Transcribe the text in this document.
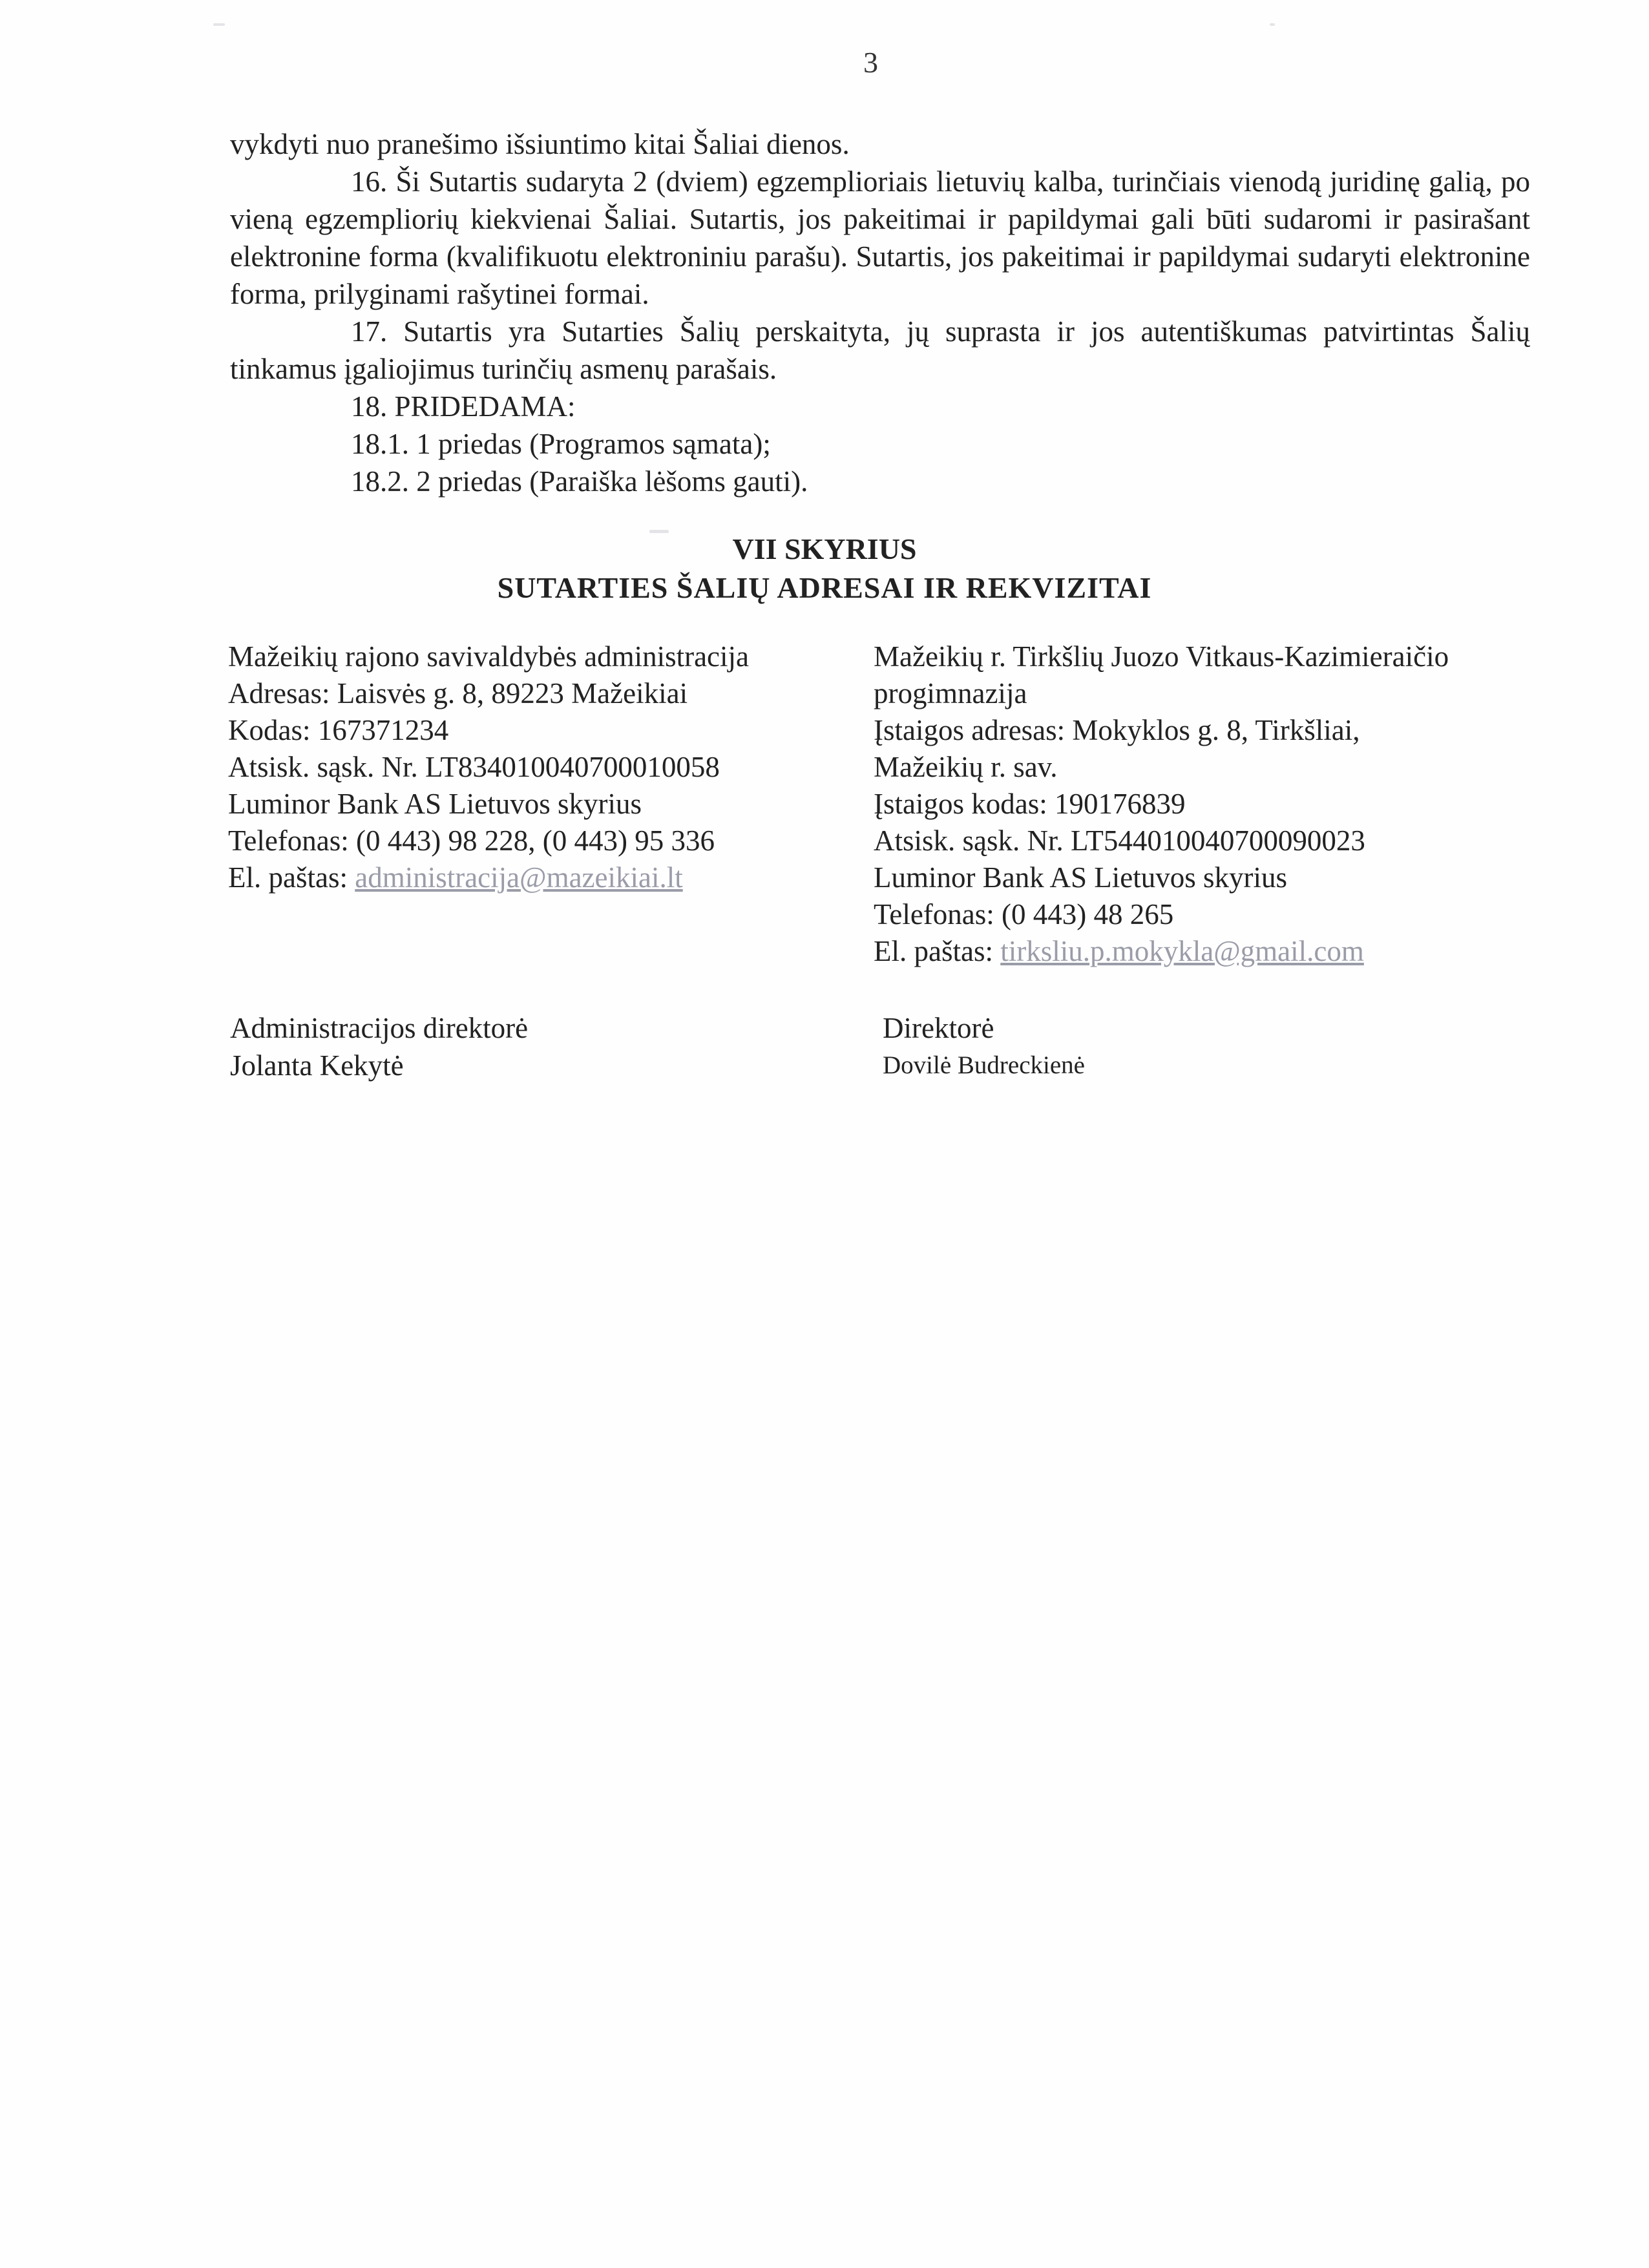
3

vykdyti nuo pranešimo išsiuntimo kitai Šaliai dienos.

16. Ši Sutartis sudaryta 2 (dviem) egzemplioriais lietuvių kalba, turinčiais vienodą juridinę galią, po vieną egzempliorių kiekvienai Šaliai. Sutartis, jos pakeitimai ir papildymai gali būti sudaromi ir pasirašant elektronine forma (kvalifikuotu elektroniniu parašu). Sutartis, jos pakeitimai ir papildymai sudaryti elektronine forma, prilyginami rašytinei formai.

17. Sutartis yra Sutarties Šalių perskaityta, jų suprasta ir jos autentiškumas patvirtintas Šalių tinkamus įgaliojimus turinčių asmenų parašais.

18. PRIDEDAMA:

18.1. 1 priedas (Programos sąmata);

18.2. 2 priedas (Paraiška lėšoms gauti).

VII SKYRIUS
SUTARTIES ŠALIŲ ADRESAI IR REKVIZITAI
Mažeikių rajono savivaldybės administracija
Adresas: Laisvės g. 8, 89223 Mažeikiai
Kodas: 167371234
Atsisk. sąsk. Nr. LT834010040700010058
Luminor Bank AS Lietuvos skyrius
Telefonas: (0 443) 98 228, (0 443) 95 336
El. paštas: administracija@mazeikiai.lt
Mažeikių r. Tirkšlių Juozo Vitkaus-Kazimieraičio
progimnazija
Įstaigos adresas: Mokyklos g. 8, Tirkšliai,
Mažeikių r. sav.
Įstaigos kodas: 190176839
Atsisk. sąsk. Nr. LT544010040700090023
Luminor Bank AS Lietuvos skyrius
Telefonas: (0 443) 48 265
El. paštas: tirksliu.p.mokykla@gmail.com
Administracijos direktorė
Jolanta Kekytė
Direktorė
Dovilė Budreckienė
